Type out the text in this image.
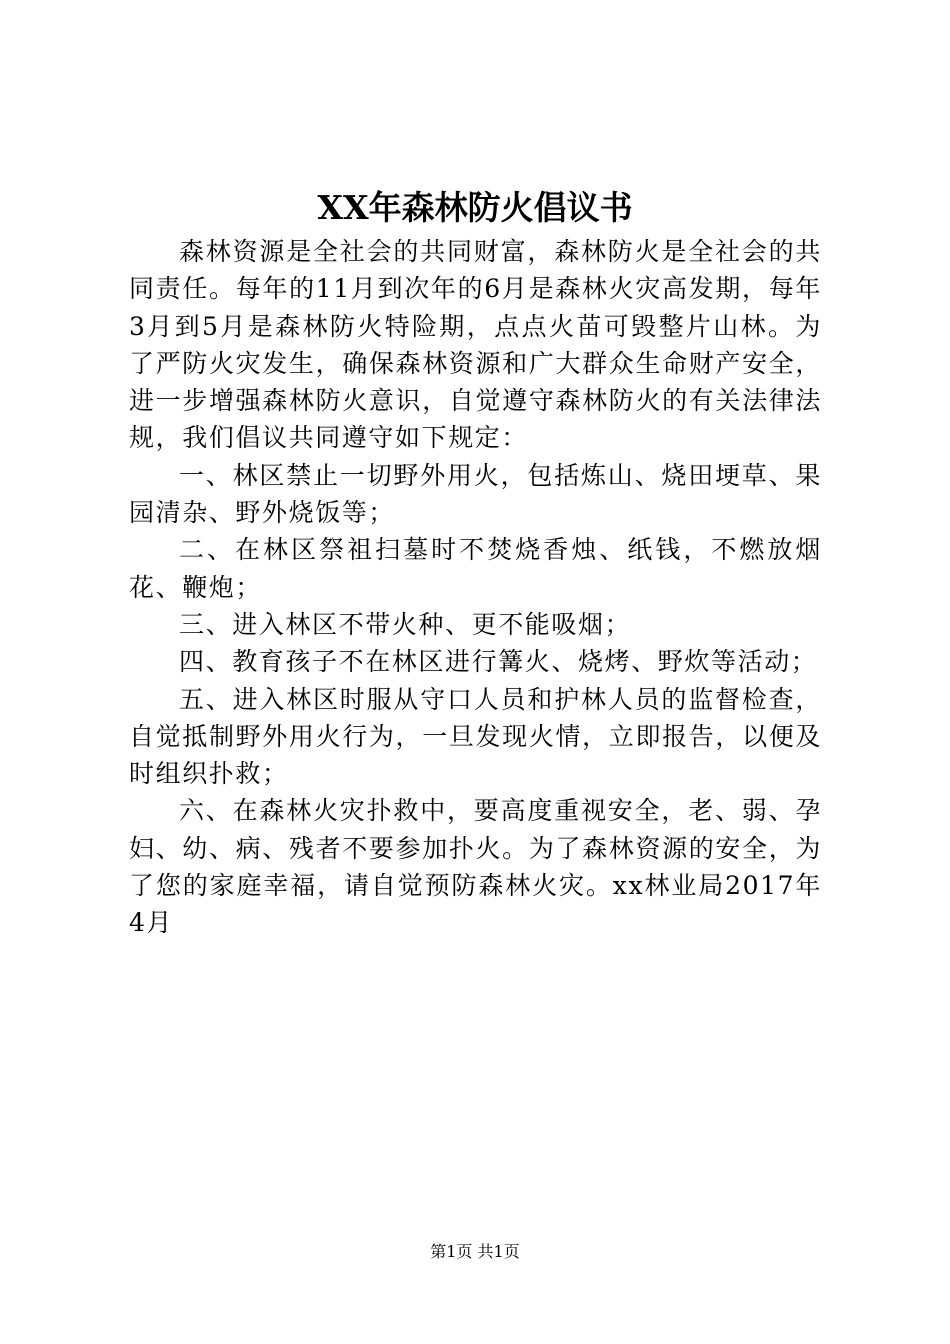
XX年森林防火倡议书

森林资源是全社会的共同财富，森林防火是全社会的共同责任。每年的11月到次年的6月是森林火灾高发期，每年3月到5月是森林防火特险期，点点火苗可毁整片山林。为了严防火灾发生，确保森林资源和广大群众生命财产安全，进一步增强森林防火意识，自觉遵守森林防火的有关法律法规，我们倡议共同遵守如下规定：

一、林区禁止一切野外用火，包括炼山、烧田埂草、果园清杂、野外烧饭等；

二、在林区祭祖扫墓时不焚烧香烛、纸钱，不燃放烟花、鞭炮；

三、进入林区不带火种、更不能吸烟；

四、教育孩子不在林区进行篝火、烧烤、野炊等活动；

五、进入林区时服从守口人员和护林人员的监督检查，自觉抵制野外用火行为，一旦发现火情，立即报告，以便及时组织扑救；

六、在森林火灾扑救中，要高度重视安全，老、弱、孕妇、幼、病、残者不要参加扑火。为了森林资源的安全，为了您的家庭幸福，请自觉预防森林火灾。xx林业局2017年4月

第1页 共1页
